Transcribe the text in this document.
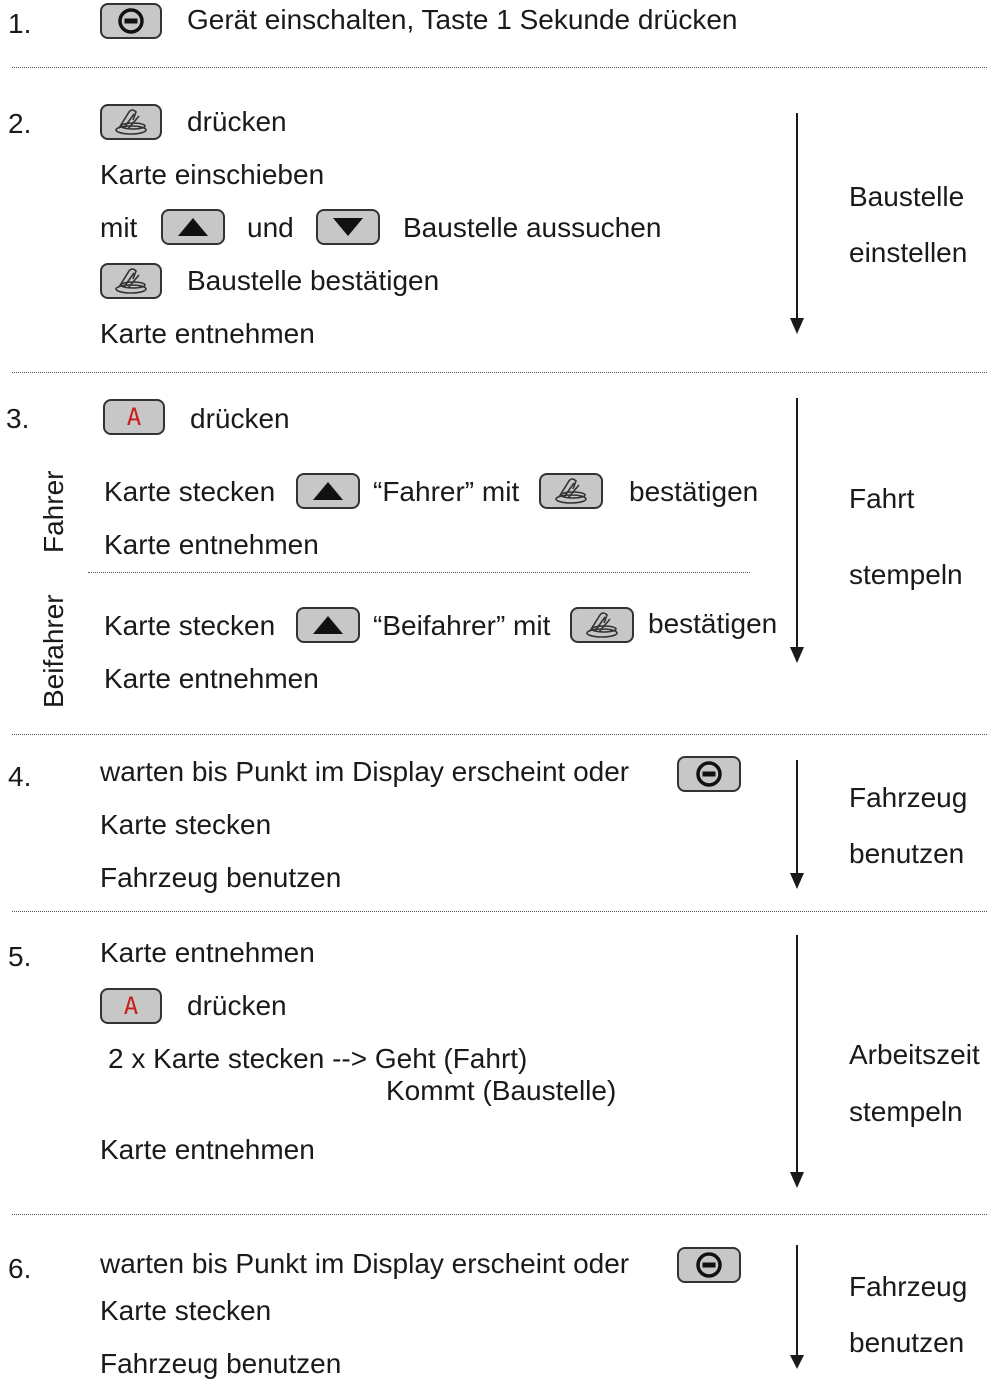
1.	Gerät einschalten, Taste 1 Sekunde drücken
2.	drücken
Karte einschieben
mit	und	Baustelle aussuchen
Baustelle bestätigen
Karte entnehmen
Baustelle
einstellen
3.	A drücken
Fahrer Karte stecken	“Fahrer” mit	bestätigen
Karte entnehmen
Beifahrer Karte stecken	“Beifahrer” mit	bestätigen
Karte entnehmen
Fahrt
stempeln
4. warten bis Punkt im Display erscheint oder
Karte stecken
Fahrzeug benutzen
Fahrzeug
benutzen
5. Karte entnehmen
A drücken
2 x Karte stecken --> Geht (Fahrt)
Kommt (Baustelle)
Karte entnehmen
Arbeitszeit
stempeln
6. warten bis Punkt im Display erscheint oder
Karte stecken
Fahrzeug benutzen
Fahrzeug
benutzen
